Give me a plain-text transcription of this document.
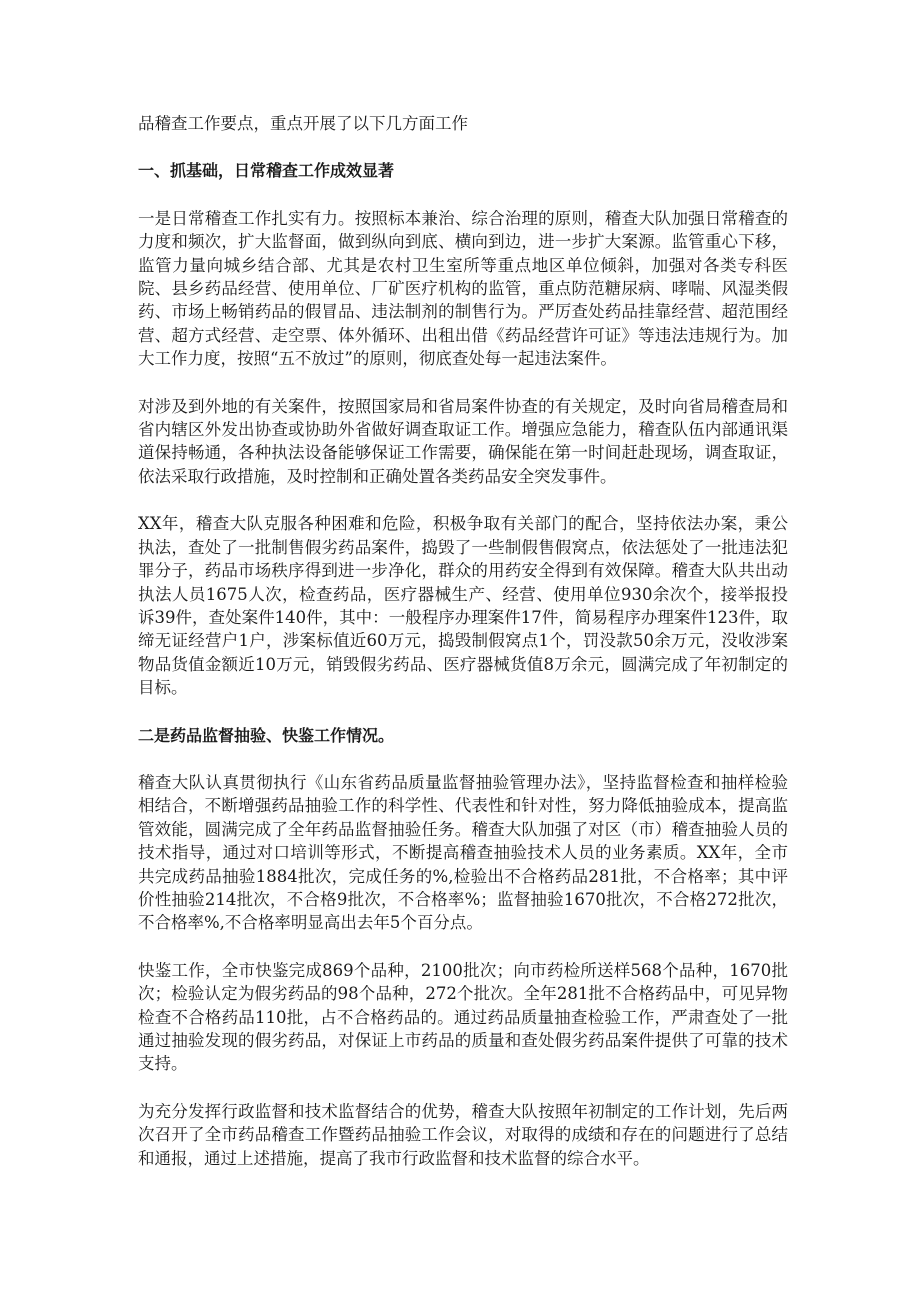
品稽查工作要点，重点开展了以下几方面工作

一、抓基础，日常稽查工作成效显著

一是日常稽查工作扎实有力。按照标本兼治、综合治理的原则，稽查大队加强日常稽查的力度和频次，扩大监督面，做到纵向到底、横向到边，进一步扩大案源。监管重心下移，监管力量向城乡结合部、尤其是农村卫生室所等重点地区单位倾斜，加强对各类专科医院、县乡药品经营、使用单位、厂矿医疗机构的监管，重点防范糖尿病、哮喘、风湿类假药、市场上畅销药品的假冒品、违法制剂的制售行为。严厉查处药品挂靠经营、超范围经营、超方式经营、走空票、体外循环、出租出借《药品经营许可证》等违法违规行为。加大工作力度，按照“五不放过”的原则，彻底查处每一起违法案件。

对涉及到外地的有关案件，按照国家局和省局案件协查的有关规定，及时向省局稽查局和省内辖区外发出协查或协助外省做好调查取证工作。增强应急能力，稽查队伍内部通讯渠道保持畅通，各种执法设备能够保证工作需要，确保能在第一时间赶赴现场，调查取证，依法采取行政措施，及时控制和正确处置各类药品安全突发事件。

XX年，稽查大队克服各种困难和危险，积极争取有关部门的配合，坚持依法办案，秉公执法，查处了一批制售假劣药品案件，捣毁了一些制假售假窝点，依法惩处了一批违法犯罪分子，药品市场秩序得到进一步净化，群众的用药安全得到有效保障。稽查大队共出动执法人员1675人次，检查药品，医疗器械生产、经营、使用单位930余次个，接举报投诉39件，查处案件140件，其中：一般程序办理案件17件，简易程序办理案件123件，取缔无证经营户1户，涉案标值近60万元，捣毁制假窝点1个，罚没款50余万元，没收涉案物品货值金额近10万元，销毁假劣药品、医疗器械货值8万余元，圆满完成了年初制定的目标。

二是药品监督抽验、快鉴工作情况。

稽查大队认真贯彻执行《山东省药品质量监督抽验管理办法》，坚持监督检查和抽样检验相结合，不断增强药品抽验工作的科学性、代表性和针对性，努力降低抽验成本，提高监管效能，圆满完成了全年药品监督抽验任务。稽查大队加强了对区（市）稽查抽验人员的技术指导，通过对口培训等形式，不断提高稽查抽验技术人员的业务素质。XX年，全市共完成药品抽验1884批次，完成任务的%,检验出不合格药品281批，不合格率；其中评价性抽验214批次，不合格9批次，不合格率%；监督抽验1670批次，不合格272批次，不合格率%,不合格率明显高出去年5个百分点。

快鉴工作，全市快鉴完成869个品种，2100批次；向市药检所送样568个品种，1670批次；检验认定为假劣药品的98个品种，272个批次。全年281批不合格药品中，可见异物检查不合格药品110批，占不合格药品的。通过药品质量抽查检验工作，严肃查处了一批通过抽验发现的假劣药品，对保证上市药品的质量和查处假劣药品案件提供了可靠的技术支持。

为充分发挥行政监督和技术监督结合的优势，稽查大队按照年初制定的工作计划，先后两次召开了全市药品稽查工作暨药品抽验工作会议，对取得的成绩和存在的问题进行了总结和通报，通过上述措施，提高了我市行政监督和技术监督的综合水平。
